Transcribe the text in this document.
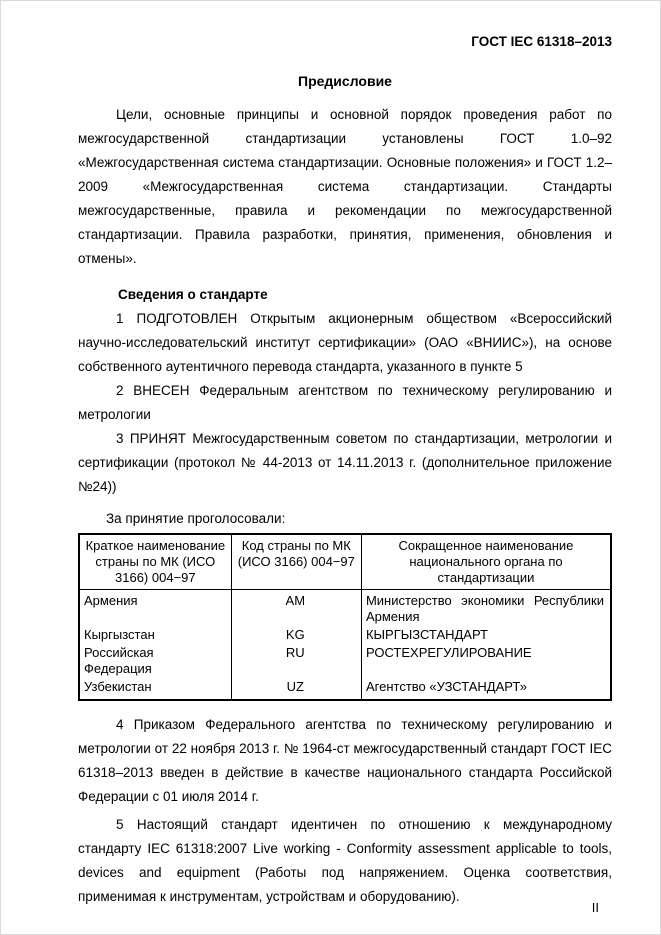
ГОСТ IEC 61318–2013
Предисловие

Цели, основные принципы и основной порядок проведения работ по межгосударственной стандартизации установлены ГОСТ 1.0–92 «Межгосударственная система стандартизации. Основные положения» и ГОСТ 1.2–2009 «Межгосударственная система стандартизации. Стандарты межгосударственные, правила и рекомендации по межгосударственной стандартизации. Правила разработки, принятия, применения, обновления и отмены».

Сведения о стандарте

1 ПОДГОТОВЛЕН Открытым акционерным обществом «Всероссийский научно-исследовательский институт сертификации» (ОАО «ВНИИС»), на основе собственного аутентичного перевода стандарта, указанного в пункте 5

2 ВНЕСЕН Федеральным агентством по техническому регулированию и метрологии

3 ПРИНЯТ Межгосударственным советом по стандартизации, метрологии и сертификации (протокол № 44-2013 от 14.11.2013 г. (дополнительное приложение №24))

За принятие проголосовали:

Краткое наименование страны по МК (ИСО 3166) 004−97	Код страны по МК (ИСО 3166) 004−97	Сокращенное наименование национального органа по стандартизации
Армения	AM	Министерство экономики Республики Армения
Кыргызстан	KG	КЫРГЫЗСТАНДАРТ
Российская Федерация	RU	РОСТЕХРЕГУЛИРОВАНИЕ
Узбекистан	UZ	Агентство «УЗСТАНДАРТ»

4 Приказом Федерального агентства по техническому регулированию и метрологии от 22 ноября 2013 г. № 1964-ст межгосударственный стандарт ГОСТ IEC 61318–2013 введен в действие в качестве национального стандарта Российской Федерации с 01 июля 2014 г.

5 Настоящий стандарт идентичен по отношению к международному стандарту IEC 61318:2007 Live working - Conformity assessment applicable to tools, devices and equipment (Работы под напряжением. Оценка соответствия, применимая к инструментам, устройствам и оборудованию).

II
